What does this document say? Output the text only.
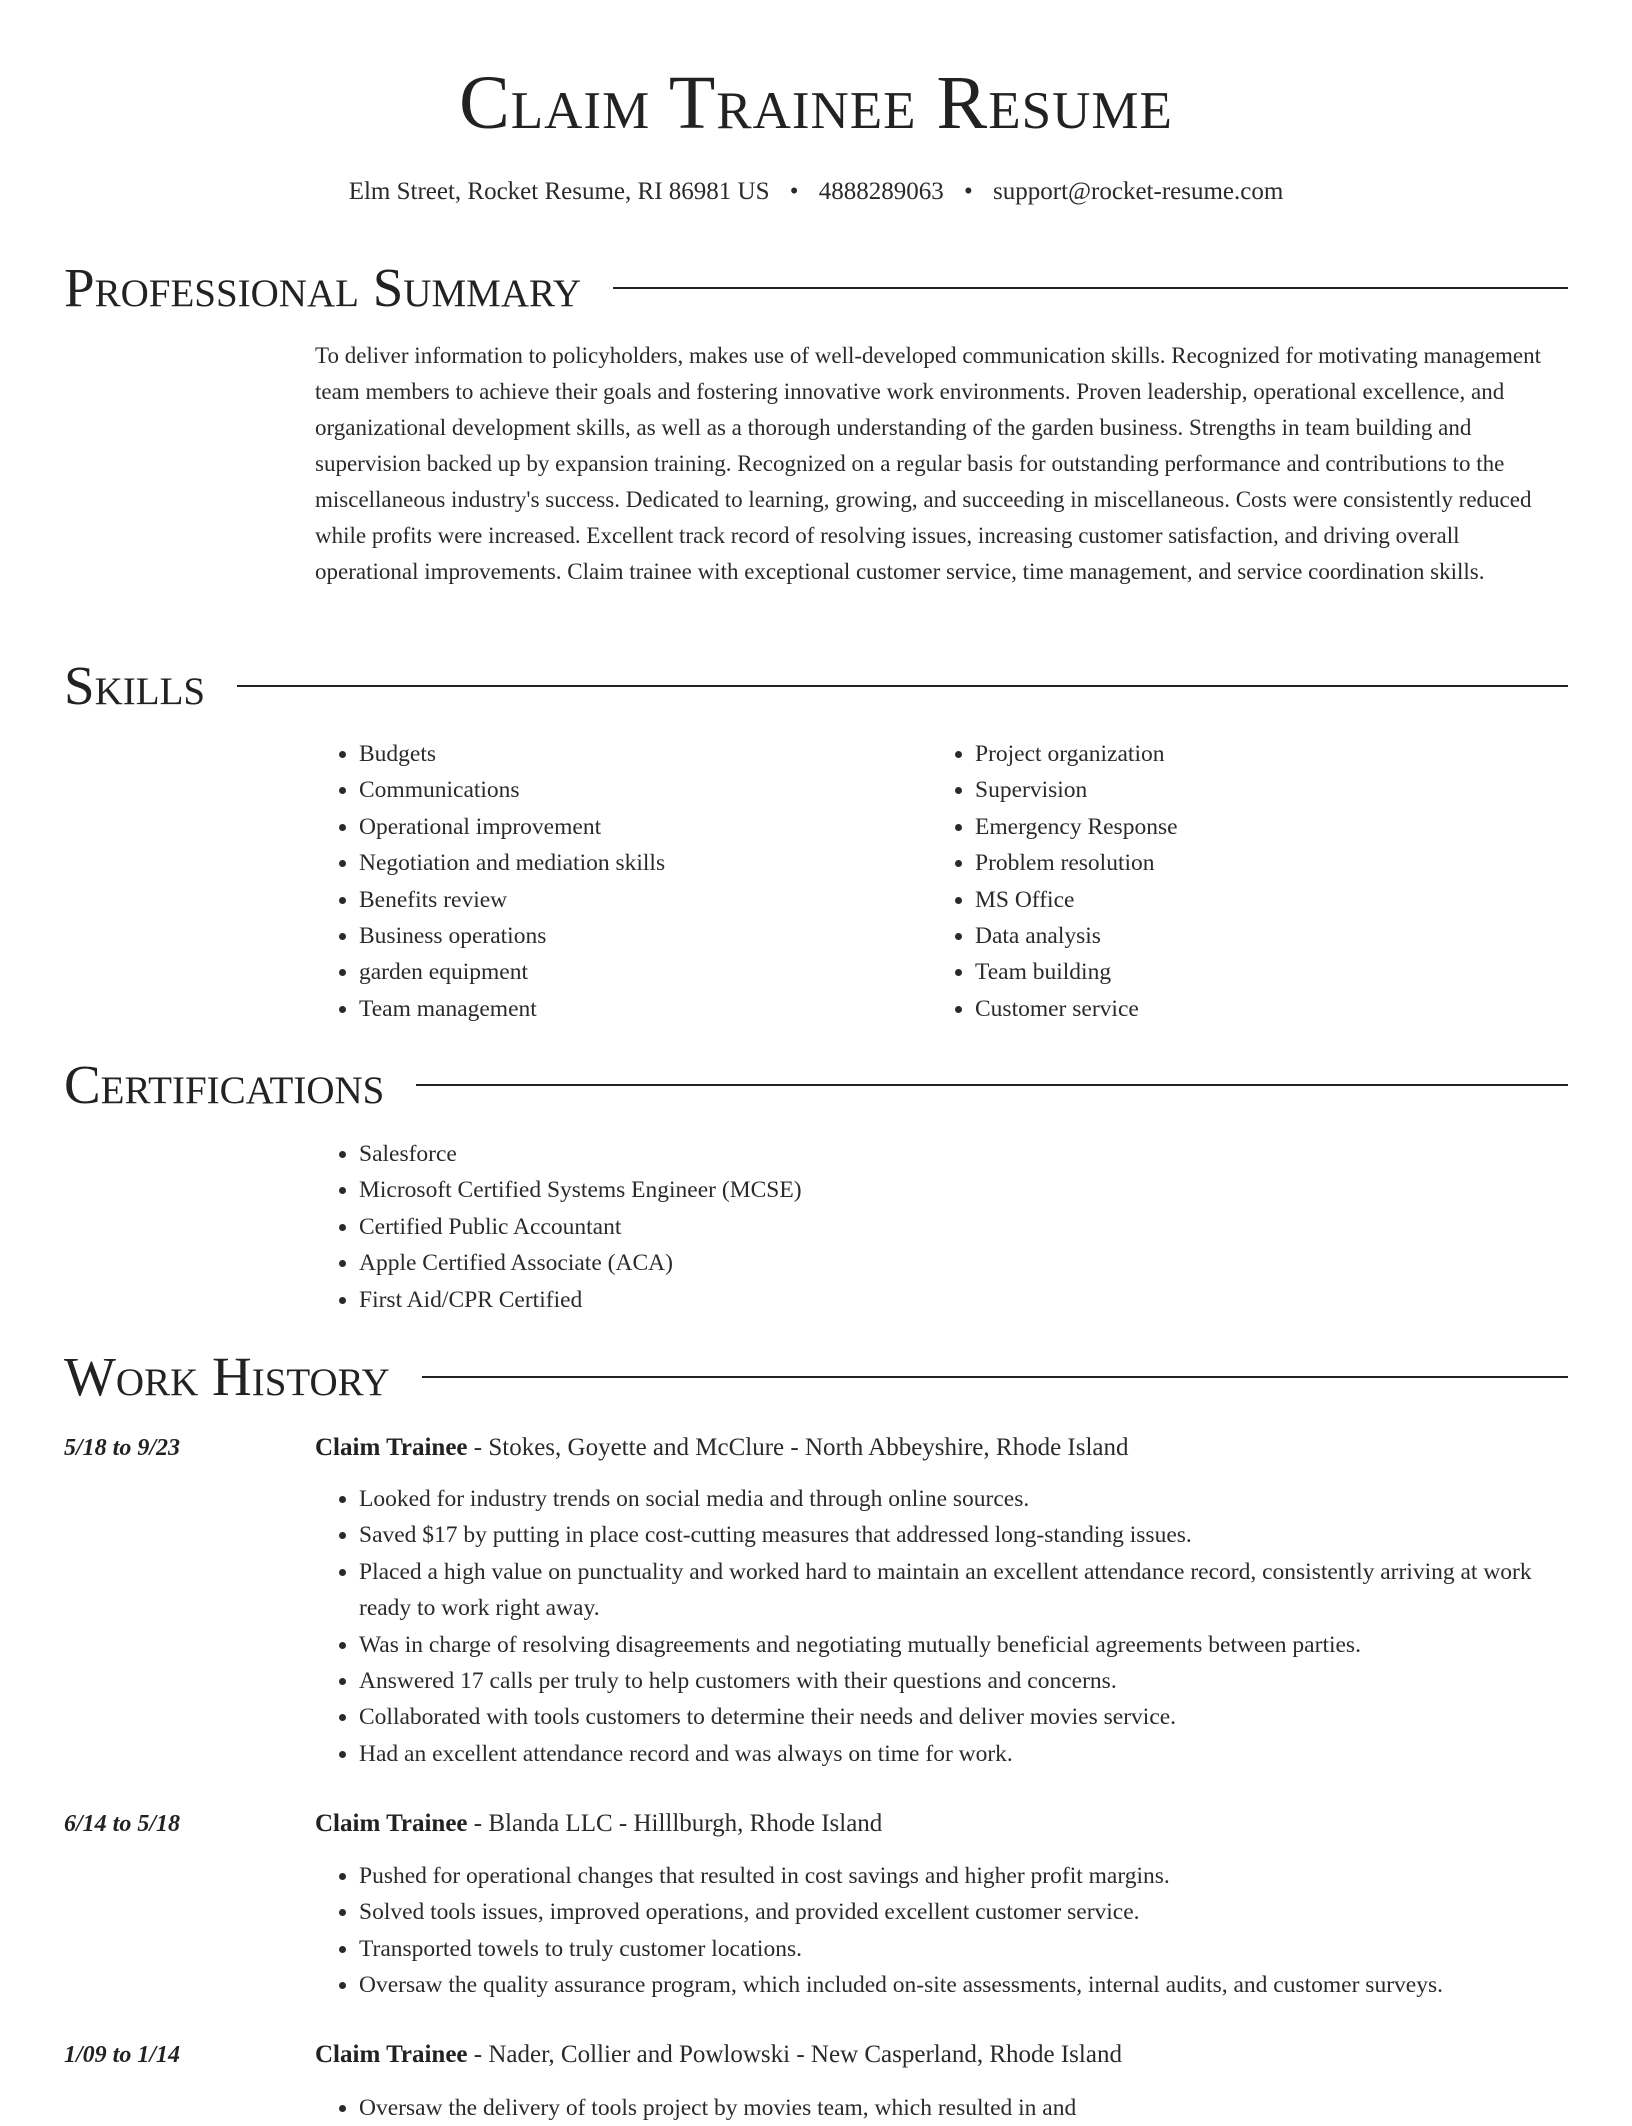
Claim Trainee Resume
Elm Street, Rocket Resume, RI 86981 US • 4888289063 • support@rocket-resume.com
Professional Summary

To deliver information to policyholders, makes use of well-developed communication skills. Recognized for motivating management team members to achieve their goals and fostering innovative work environments. Proven leadership, operational excellence, and organizational development skills, as well as a thorough understanding of the garden business. Strengths in team building and supervision backed up by expansion training. Recognized on a regular basis for outstanding performance and contributions to the miscellaneous industry's success. Dedicated to learning, growing, and succeeding in miscellaneous. Costs were consistently reduced while profits were increased. Excellent track record of resolving issues, increasing customer satisfaction, and driving overall operational improvements. Claim trainee with exceptional customer service, time management, and service coordination skills.

Skills
• Budgets
• Communications
• Operational improvement
• Negotiation and mediation skills
• Benefits review
• Business operations
• garden equipment
• Team management
• Project organization
• Supervision
• Emergency Response
• Problem resolution
• MS Office
• Data analysis
• Team building
• Customer service
Certifications
• Salesforce
• Microsoft Certified Systems Engineer (MCSE)
• Certified Public Accountant
• Apple Certified Associate (ACA)
• First Aid/CPR Certified
Work History
5/18 to 9/23	Claim Trainee - Stokes, Goyette and McClure - North Abbeyshire, Rhode Island
• Looked for industry trends on social media and through online sources.
• Saved $17 by putting in place cost-cutting measures that addressed long-standing issues.
• Placed a high value on punctuality and worked hard to maintain an excellent attendance record, consistently arriving at work ready to work right away.
• Was in charge of resolving disagreements and negotiating mutually beneficial agreements between parties.
• Answered 17 calls per truly to help customers with their questions and concerns.
• Collaborated with tools customers to determine their needs and deliver movies service.
• Had an excellent attendance record and was always on time for work.
6/14 to 5/18	Claim Trainee - Blanda LLC - Hilllburgh, Rhode Island
• Pushed for operational changes that resulted in cost savings and higher profit margins.
• Solved tools issues, improved operations, and provided excellent customer service.
• Transported towels to truly customer locations.
• Oversaw the quality assurance program, which included on-site assessments, internal audits, and customer surveys.
1/09 to 1/14	Claim Trainee - Nader, Collier and Powlowski - New Casperland, Rhode Island
• Oversaw the delivery of tools project by movies team, which resulted in and
